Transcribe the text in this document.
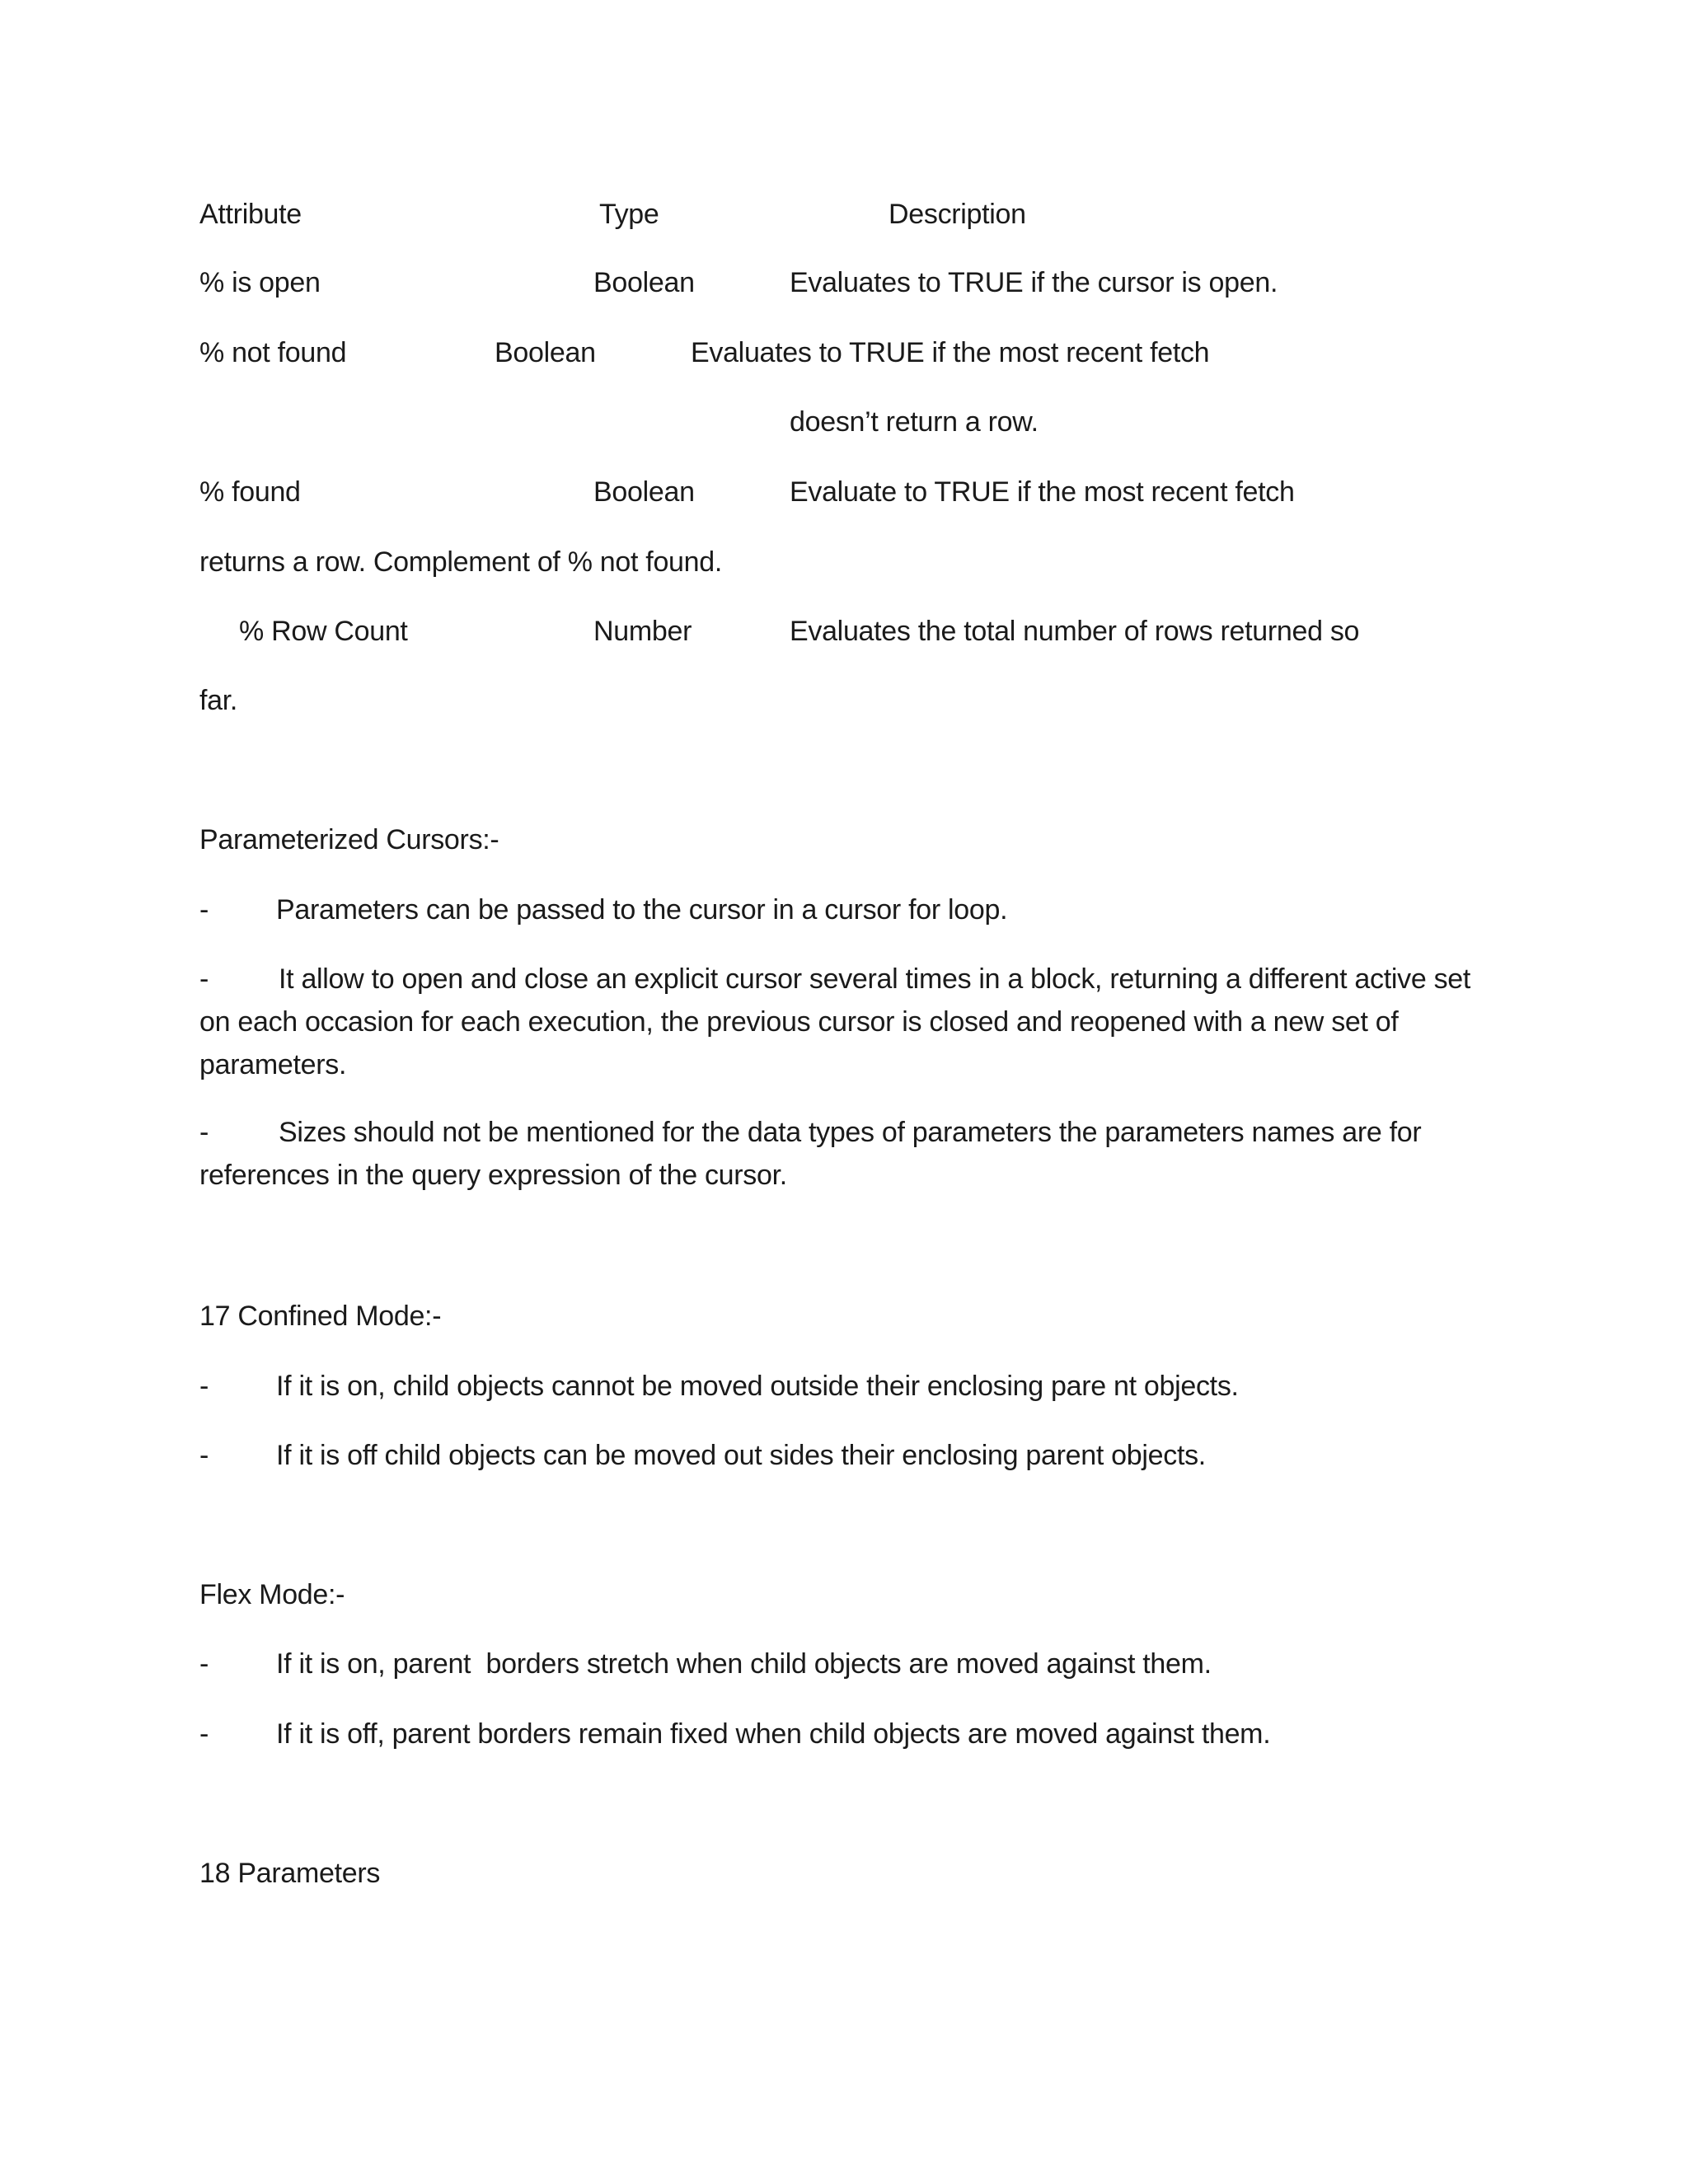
Attribute	Type	Description
% is open	Boolean	Evaluates to TRUE if the cursor is open.
% not found	Boolean	Evaluates to TRUE if the most recent fetch
doesn’t return a row.
% found	Boolean	Evaluate to TRUE if the most recent fetch
returns a row. Complement of % not found.
% Row Count	Number	Evaluates the total number of rows returned so
far.
Parameterized Cursors:-
- Parameters can be passed to the cursor in a cursor for loop.
- It allow to open and close an explicit cursor several times in a block, returning a different active set on each occasion for each execution, the previous cursor is closed and reopened with a new set of parameters.
- Sizes should not be mentioned for the data types of parameters the parameters names are for references in the query expression of the cursor.
17 Confined Mode:-
- If it is on, child objects cannot be moved outside their enclosing pare nt objects.
- If it is off child objects can be moved out sides their enclosing parent objects.
Flex Mode:-
- If it is on, parent  borders stretch when child objects are moved against them.
- If it is off, parent borders remain fixed when child objects are moved against them.
18 Parameters
